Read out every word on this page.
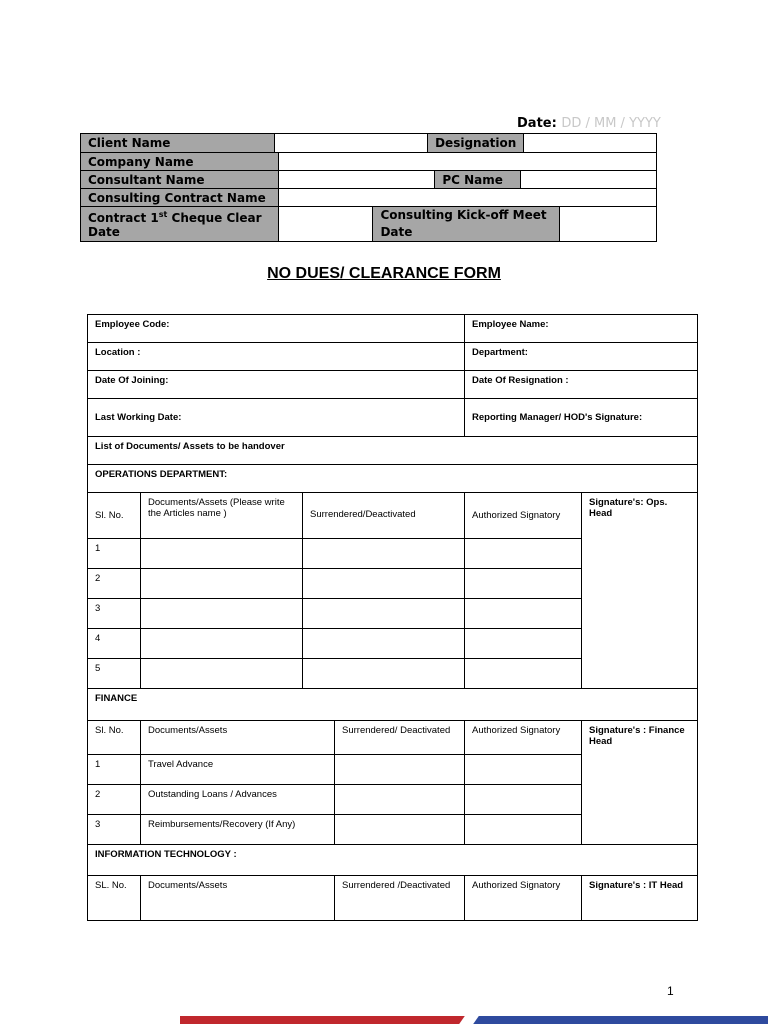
Date: DD / MM / YYYY
Client Name		Designation	
Company Name	
Consultant Name		PC Name	
Consulting Contract Name	
Contract 1st Cheque Clear Date		Consulting Kick-off Meet
Date	
NO DUES/ CLEARANCE FORM
Employee Code:				Employee Name:	
Location :				Department:	
Date Of Joining:				Date Of Resignation :	
Last Working Date:				Reporting Manager/ HOD's Signature:	
List of Documents/ Assets to be handover					
OPERATIONS DEPARTMENT:					
Sl. No.	Documents/Assets (Please write the Articles name )	Surrendered/Deactivated		Authorized Signatory	Signature's: Ops. Head
1					
2					
3					
4					
5					
FINANCE					
Sl. No.	Documents/Assets		Surrendered/ Deactivated	Authorized Signatory	Signature's : Finance Head
1	Travel Advance				
2	Outstanding Loans / Advances				
3	Reimbursements/Recovery (If Any)				
INFORMATION TECHNOLOGY :					
SL. No.	Documents/Assets		Surrendered /Deactivated	Authorized Signatory	Signature's : IT Head
1
